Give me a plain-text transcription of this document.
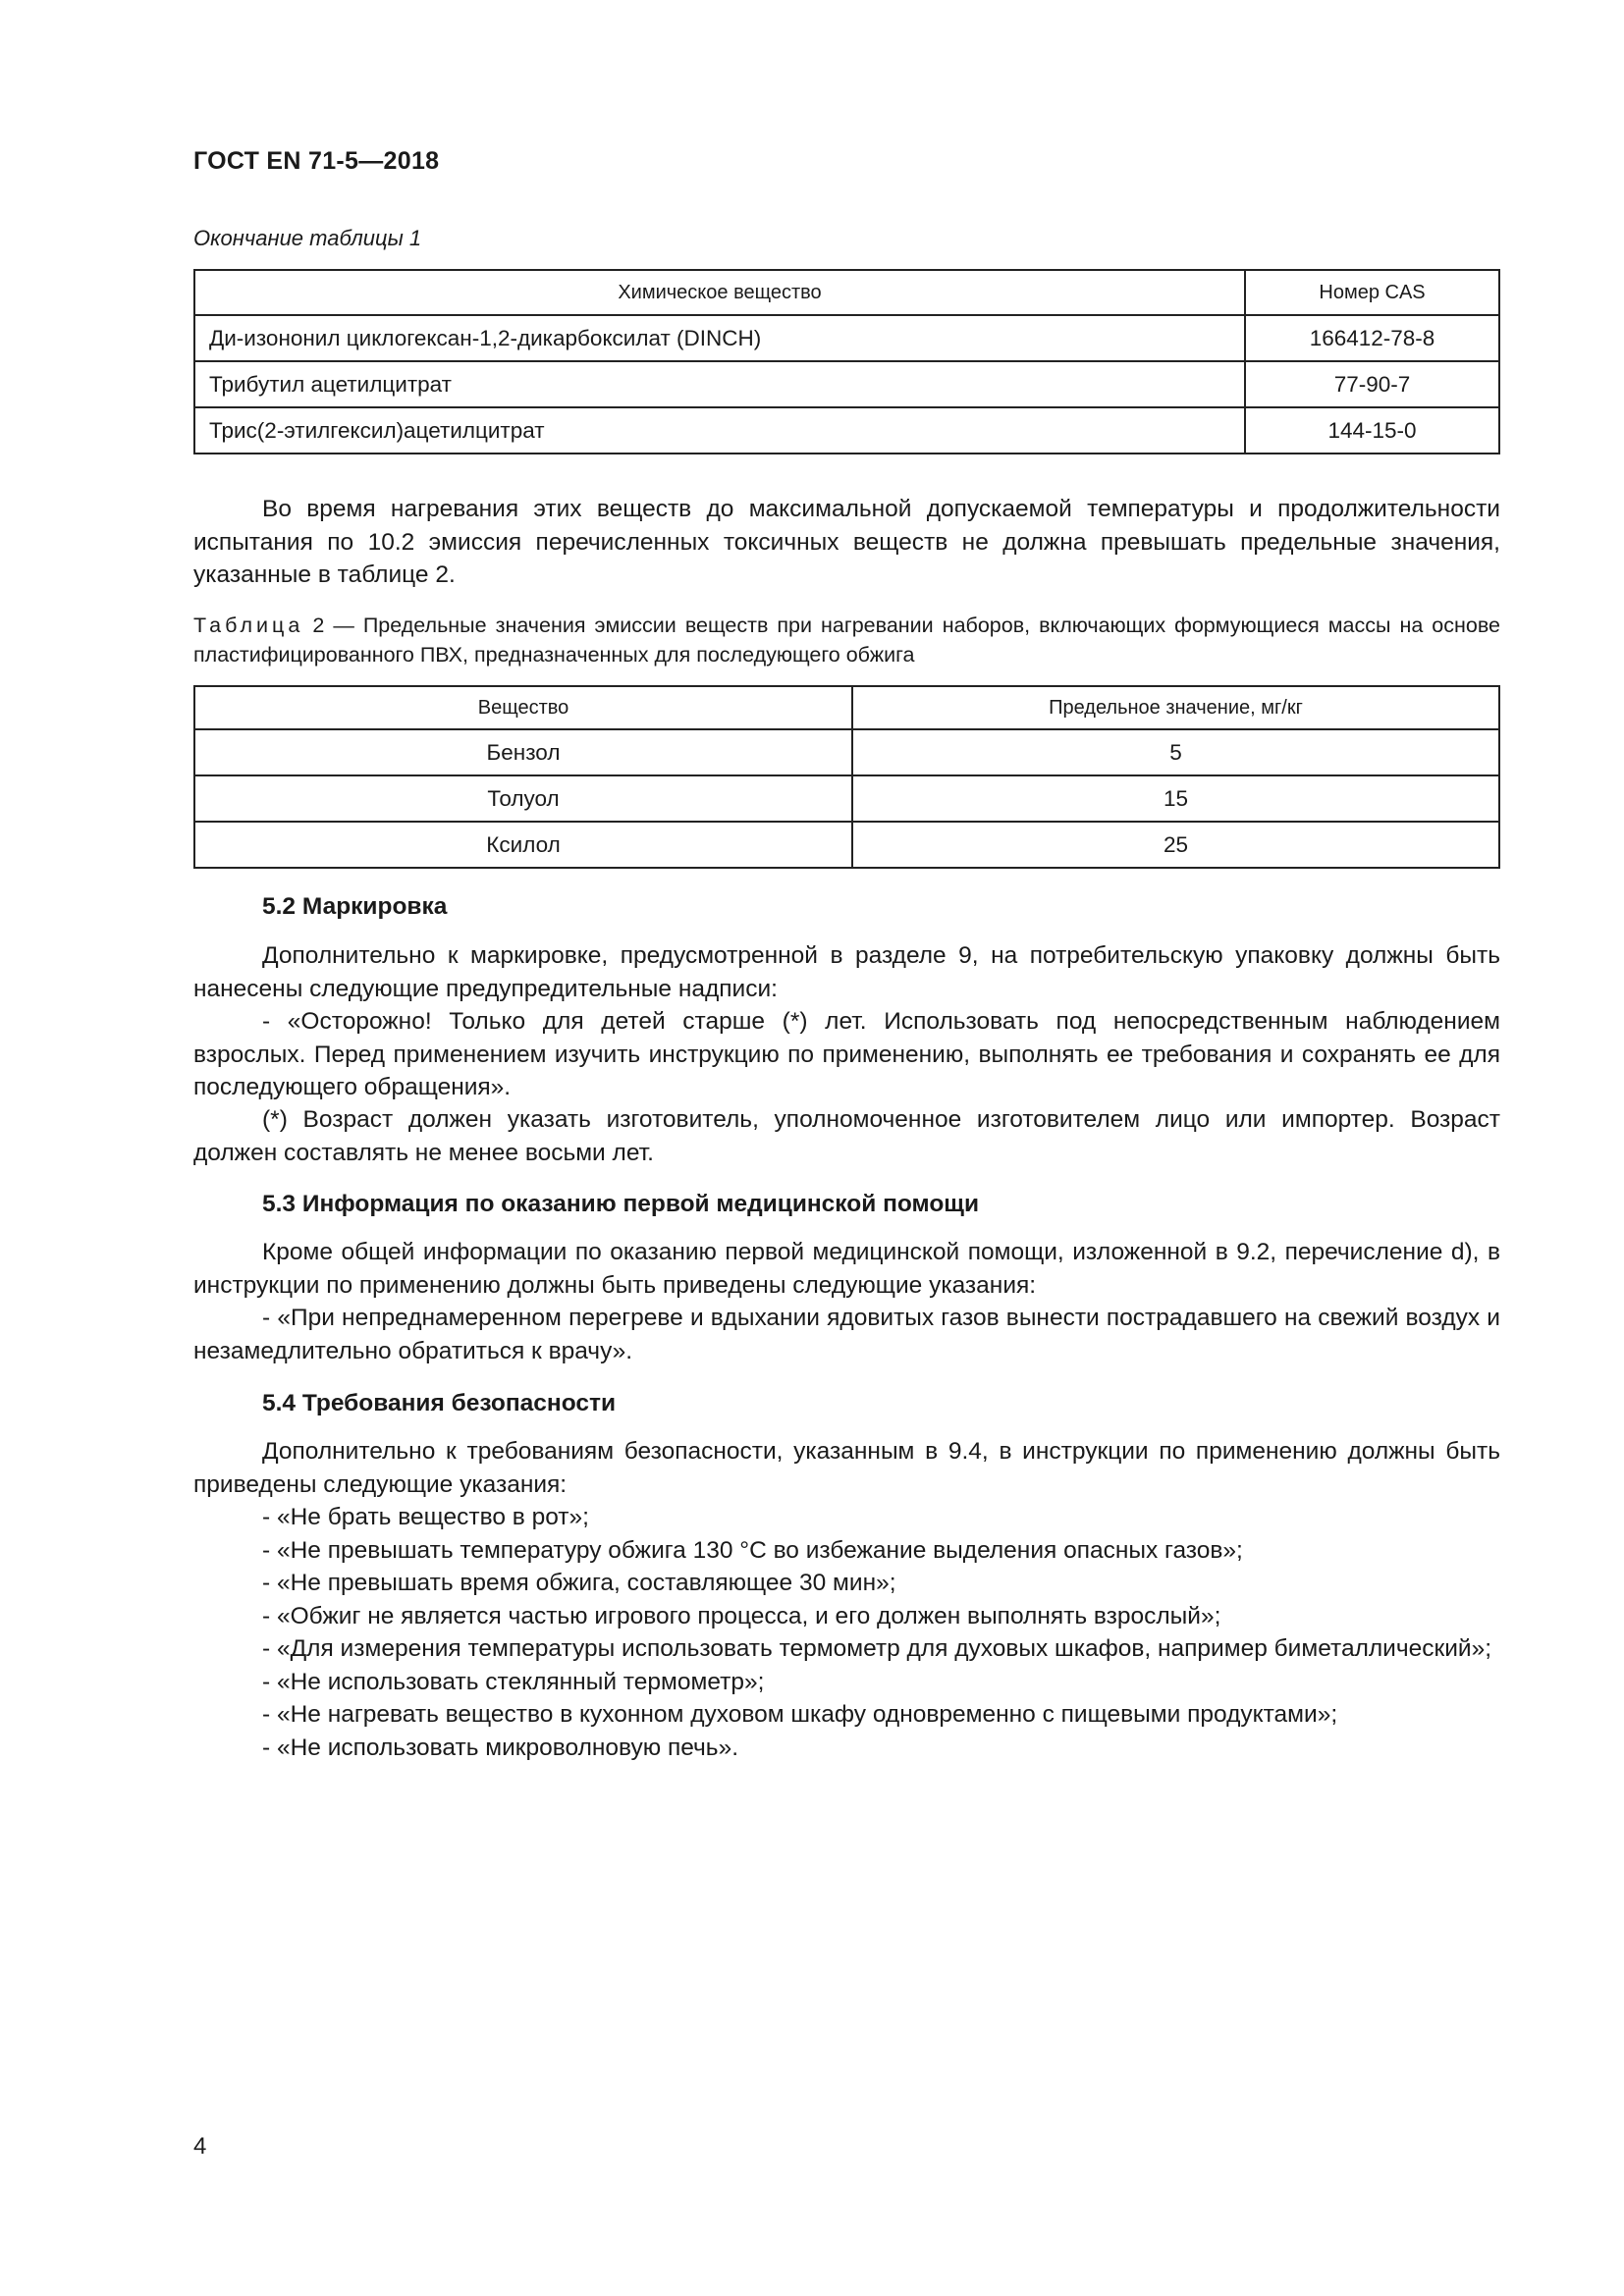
ГОСТ EN 71-5—2018
Окончание таблицы 1
Химическое вещество	Номер CAS
Ди-изононил циклогексан-1,2-дикарбоксилат (DINCH)	166412-78-8
Трибутил ацетилцитрат	77-90-7
Трис(2-этилгексил)ацетилцитрат	144-15-0
Во время нагревания этих веществ до максимальной допускаемой температуры и продолжительности испытания по 10.2 эмиссия перечисленных токсичных веществ не должна превышать предельные значения, указанные в таблице 2.
Таблица 2 — Предельные значения эмиссии веществ при нагревании наборов, включающих формующиеся массы на основе пластифицированного ПВХ, предназначенных для последующего обжига
Вещество	Предельное значение, мг/кг
Бензол	5
Толуол	15
Ксилол	25
5.2 Маркировка
Дополнительно к маркировке, предусмотренной в разделе 9, на потребительскую упаковку должны быть нанесены следующие предупредительные надписи:
- «Осторожно! Только для детей старше (*) лет. Использовать под непосредственным наблюдением взрослых. Перед применением изучить инструкцию по применению, выполнять ее требования и сохранять ее для последующего обращения».
(*) Возраст должен указать изготовитель, уполномоченное изготовителем лицо или импортер. Возраст должен составлять не менее восьми лет.
5.3 Информация по оказанию первой медицинской помощи
Кроме общей информации по оказанию первой медицинской помощи, изложенной в 9.2, перечисление d), в инструкции по применению должны быть приведены следующие указания:
- «При непреднамеренном перегреве и вдыхании ядовитых газов вынести пострадавшего на свежий воздух и незамедлительно обратиться к врачу».
5.4 Требования безопасности
Дополнительно к требованиям безопасности, указанным в 9.4, в инструкции по применению должны быть приведены следующие указания:
- «Не брать вещество в рот»;
- «Не превышать температуру обжига 130 °С во избежание выделения опасных газов»;
- «Не превышать время обжига, составляющее 30 мин»;
- «Обжиг не является частью игрового процесса, и его должен выполнять взрослый»;
- «Для измерения температуры использовать термометр для духовых шкафов, например биметаллический»;
- «Не использовать стеклянный термометр»;
- «Не нагревать вещество в кухонном духовом шкафу одновременно с пищевыми продуктами»;
- «Не использовать микроволновую печь».
4
